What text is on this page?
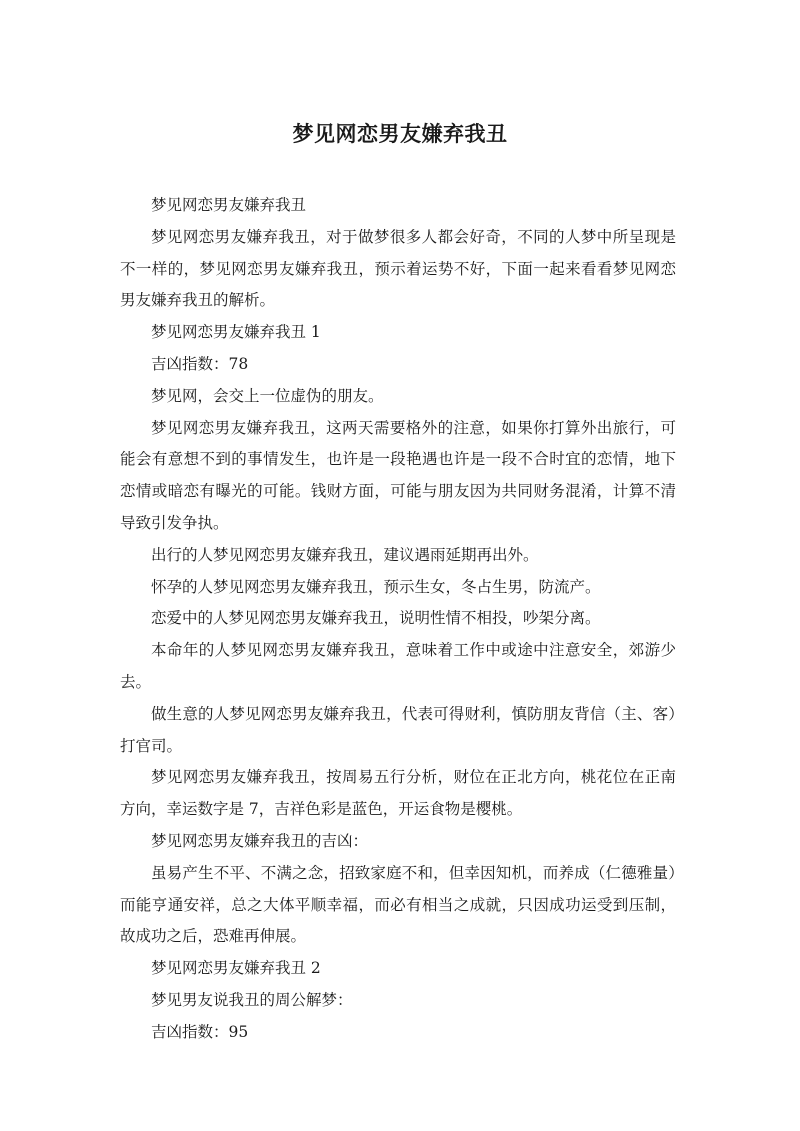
梦见网恋男友嫌弃我丑

梦见网恋男友嫌弃我丑

梦见网恋男友嫌弃我丑，对于做梦很多人都会好奇，不同的人梦中所呈现是不一样的，梦见网恋男友嫌弃我丑，预示着运势不好，下面一起来看看梦见网恋男友嫌弃我丑的解析。

梦见网恋男友嫌弃我丑 1

吉凶指数：78

梦见网，会交上一位虚伪的朋友。

梦见网恋男友嫌弃我丑，这两天需要格外的注意，如果你打算外出旅行，可能会有意想不到的事情发生，也许是一段艳遇也许是一段不合时宜的恋情，地下恋情或暗恋有曝光的可能。钱财方面，可能与朋友因为共同财务混淆，计算不清导致引发争执。

出行的人梦见网恋男友嫌弃我丑，建议遇雨延期再出外。

怀孕的人梦见网恋男友嫌弃我丑，预示生女，冬占生男，防流产。

恋爱中的人梦见网恋男友嫌弃我丑，说明性情不相投，吵架分离。

本命年的人梦见网恋男友嫌弃我丑，意味着工作中或途中注意安全，郊游少去。

做生意的人梦见网恋男友嫌弃我丑，代表可得财利，慎防朋友背信（主、客）打官司。

梦见网恋男友嫌弃我丑，按周易五行分析，财位在正北方向，桃花位在正南方向，幸运数字是 7，吉祥色彩是蓝色，开运食物是樱桃。

梦见网恋男友嫌弃我丑的吉凶：

虽易产生不平、不满之念，招致家庭不和，但幸因知机，而养成（仁德雅量）而能亨通安祥，总之大体平顺幸福，而必有相当之成就，只因成功运受到压制，故成功之后，恐难再伸展。

梦见网恋男友嫌弃我丑 2

梦见男友说我丑的周公解梦：

吉凶指数：95
